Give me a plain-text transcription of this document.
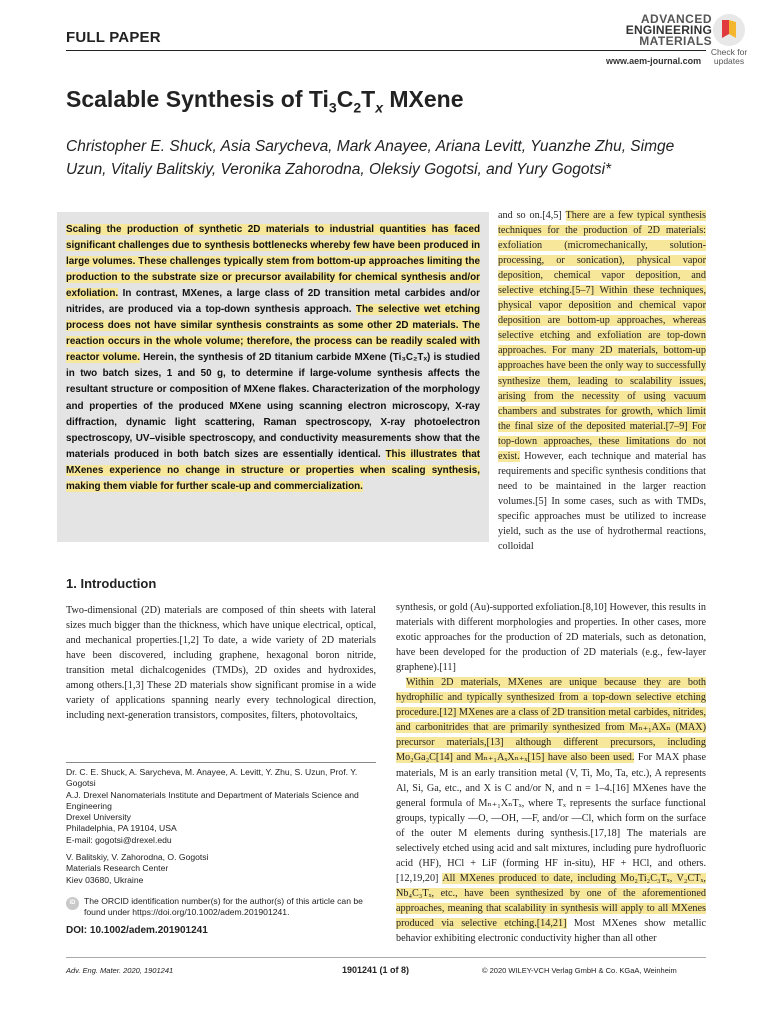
FULL PAPER
ADVANCED
ENGINEERING
MATERIALS
www.aem-journal.com
Check for updates
Scalable Synthesis of $Ti_3C_2T_x$ MXene
Christopher E. Shuck, Asia Sarycheva, Mark Anayee, Ariana Levitt, Yuanzhe Zhu, Simge Uzun, Vitaliy Balitskiy, Veronika Zahorodna, Oleksiy Gogotsi, and Yury Gogotsi*
Scaling the production of synthetic 2D materials to industrial quantities has faced significant challenges due to synthesis bottlenecks whereby few have been produced in large volumes. These challenges typically stem from bottom-up approaches limiting the production to the substrate size or precursor availability for chemical synthesis and/or exfoliation. In contrast, MXenes, a large class of 2D transition metal carbides and/or nitrides, are produced via a top-down synthesis approach. The selective wet etching process does not have similar synthesis constraints as some other 2D materials. The reaction occurs in the whole volume; therefore, the process can be readily scaled with reactor volume. Herein, the synthesis of 2D titanium carbide MXene (Ti₃C₂Tₓ) is studied in two batch sizes, 1 and 50 g, to determine if large-volume synthesis affects the resultant structure or composition of MXene flakes. Characterization of the morphology and properties of the produced MXene using scanning electron microscopy, X-ray diffraction, dynamic light scattering, Raman spectroscopy, X-ray photoelectron spectroscopy, UV–visible spectroscopy, and conductivity measurements show that the materials produced in both batch sizes are essentially identical. This illustrates that MXenes experience no change in structure or properties when scaling synthesis, making them viable for further scale-up and commercialization.
and so on.[4,5] There are a few typical synthesis techniques for the production of 2D materials: exfoliation (micromechanically, solution-processing, or sonication), physical vapor deposition, chemical vapor deposition, and selective etching.[5–7] Within these techniques, physical vapor deposition and chemical vapor deposition are bottom-up approaches, whereas selective etching and exfoliation are top-down approaches. For many 2D materials, bottom-up approaches have been the only way to successfully synthesize them, leading to scalability issues, arising from the necessity of using vacuum chambers and substrates for growth, which limit the final size of the deposited material.[7–9] For top-down approaches, these limitations do not exist. However, each technique and material has requirements and specific synthesis conditions that need to be maintained in the larger reaction volumes.[5] In some cases, such as with TMDs, specific approaches must be utilized to increase yield, such as the use of hydrothermal reactions, colloidal
synthesis, or gold (Au)-supported exfoliation.[8,10] However, this results in materials with different morphologies and properties. In other cases, more exotic approaches for the production of 2D materials, such as detonation, have been developed for the production of 2D materials (e.g., few-layer graphene).[11]
Within 2D materials, MXenes are unique because they are both hydrophilic and typically synthesized from a top-down selective etching procedure.[12] MXenes are a class of 2D transition metal carbides, nitrides, and carbonitrides that are primarily synthesized from Mₙ₊₁AXₙ (MAX) precursor materials,[13] although different precursors, including Mo₂Ga₂C[14] and Mₙ₊₁AₓXₙ₊ₓ[15] have also been used. For MAX phase materials, M is an early transition metal (V, Ti, Mo, Ta, etc.), A represents Al, Si, Ga, etc., and X is C and/or N, and n = 1–4.[16] MXenes have the general formula of Mₙ₊₁XₙTₓ, where Tₓ represents the surface functional groups, typically —O, —OH, —F, and/or —Cl, which form on the surface of the outer M elements during synthesis.[17,18] The materials are selectively etched using acid and salt mixtures, including pure hydrofluoric acid (HF), HCl + LiF (forming HF in-situ), HF + HCl, and others.[12,19,20] All MXenes produced to date, including Mo₂Ti₂C₃Tₓ, V₂CTₓ, Nb₄C₃Tₓ, etc., have been synthesized by one of the aforementioned approaches, meaning that scalability in synthesis will apply to all MXenes produced via selective etching.[14,21] Most MXenes show metallic behavior exhibiting electronic conductivity higher than all other
1. Introduction
Two-dimensional (2D) materials are composed of thin sheets with lateral sizes much bigger than the thickness, which have unique electrical, optical, and mechanical properties.[1,2] To date, a wide variety of 2D materials have been discovered, including graphene, hexagonal boron nitride, transition metal dichalcogenides (TMDs), 2D oxides and hydroxides, among others.[1,3] These 2D materials show significant promise in a wide variety of applications spanning nearly every technological direction, including next-generation transistors, composites, filters, photovoltaics,
Dr. C. E. Shuck, A. Sarycheva, M. Anayee, A. Levitt, Y. Zhu, S. Uzun, Prof. Y. Gogotsi
A.J. Drexel Nanomaterials Institute and Department of Materials Science and Engineering
Drexel University
Philadelphia, PA 19104, USA
E-mail: gogotsi@drexel.edu
V. Balitskiy, V. Zahorodna, O. Gogotsi
Materials Research Center
Kiev 03680, Ukraine
iD The ORCID identification number(s) for the author(s) of this article can be found under https://doi.org/10.1002/adem.201901241.
DOI: 10.1002/adem.201901241
Adv. Eng. Mater. 2020, 1901241	1901241 (1 of 8)	© 2020 WILEY-VCH Verlag GmbH & Co. KGaA, Weinheim
